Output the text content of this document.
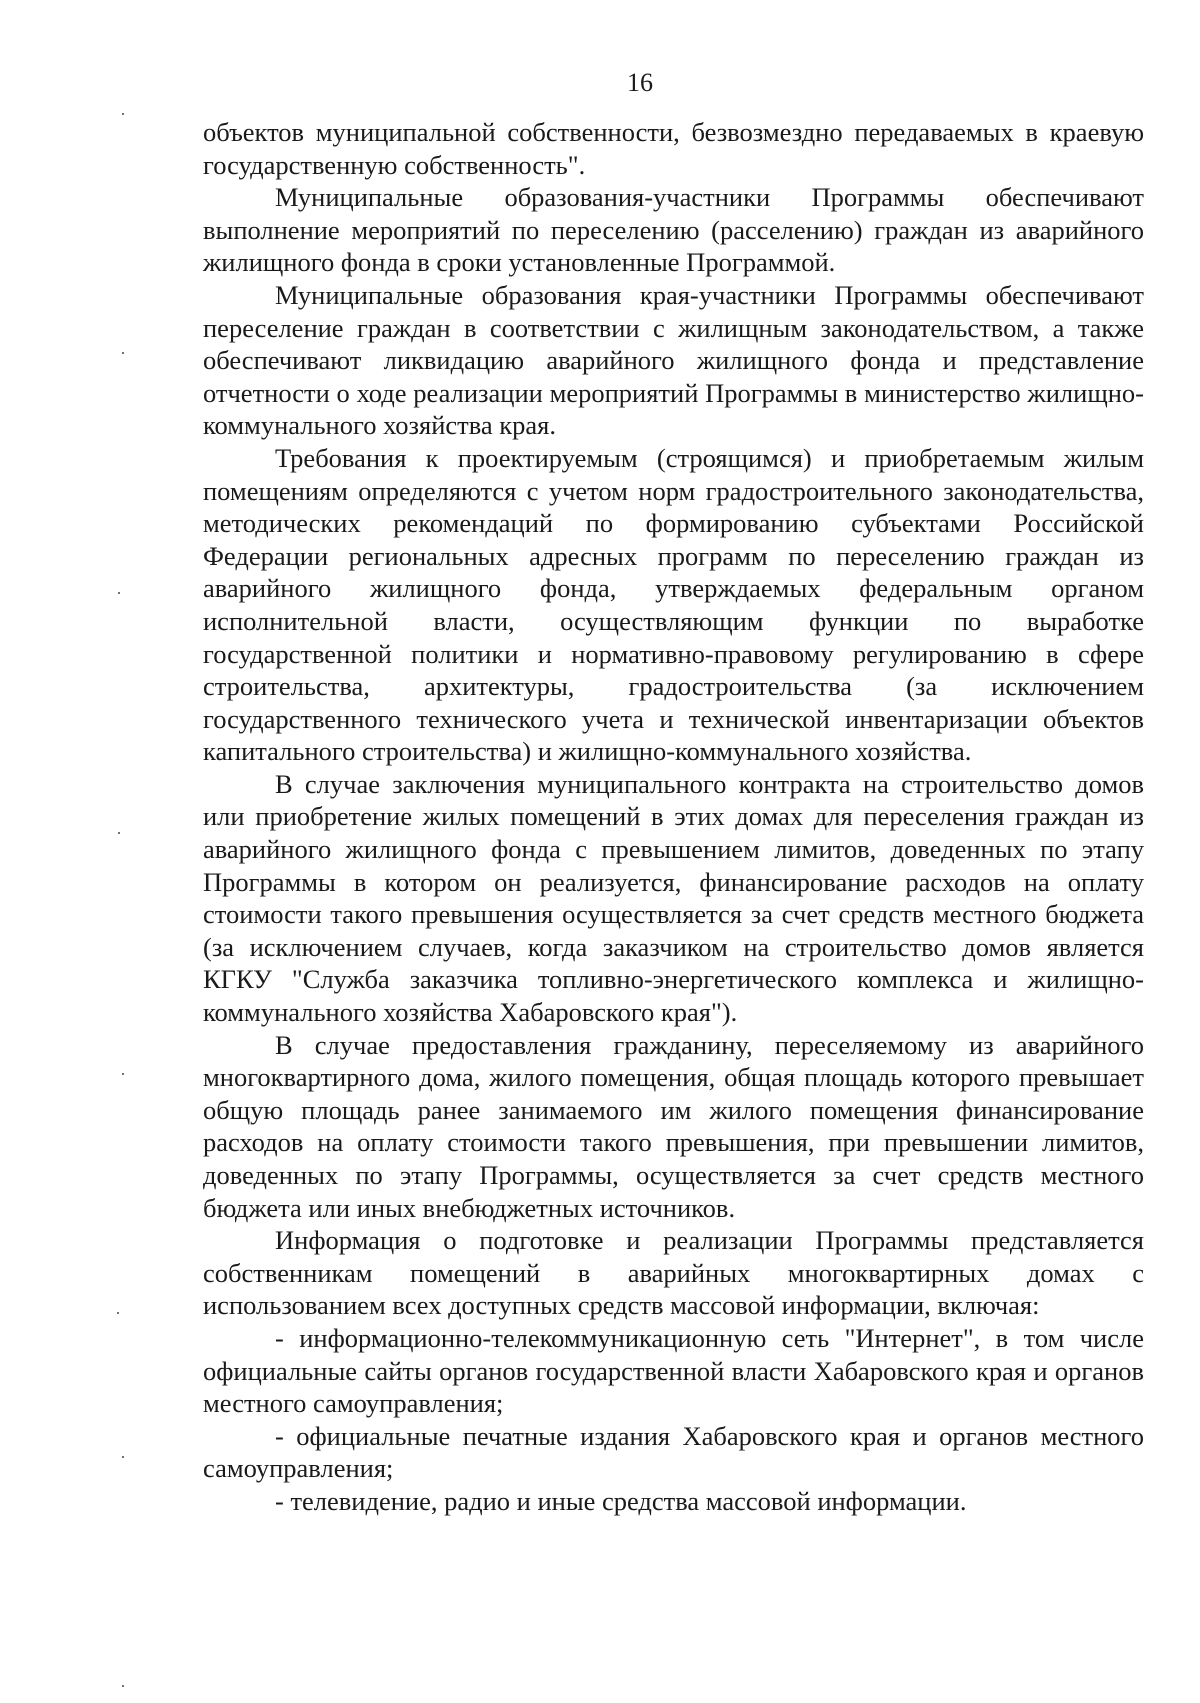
16

объектов муниципальной собственности, безвозмездно передаваемых в краевую государственную собственность".

Муниципальные образования-участники Программы обеспечивают выполнение мероприятий по переселению (расселению) граждан из аварийного жилищного фонда в сроки установленные Программой.

Муниципальные образования края-участники Программы обеспечивают переселение граждан в соответствии с жилищным законодательством, а также обеспечивают ликвидацию аварийного жилищного фонда и представление отчетности о ходе реализации мероприятий Программы в министерство жилищно-коммунального хозяйства края.

Требования к проектируемым (строящимся) и приобретаемым жилым помещениям определяются с учетом норм градостроительного законодательства, методических рекомендаций по формированию субъектами Российской Федерации региональных адресных программ по переселению граждан из аварийного жилищного фонда, утверждаемых федеральным органом исполнительной власти, осуществляющим функции по выработке государственной политики и нормативно-правовому регулированию в сфере строительства, архитектуры, градостроительства (за исключением государственного технического учета и технической инвентаризации объектов капитального строительства) и жилищно-коммунального хозяйства.

В случае заключения муниципального контракта на строительство домов или приобретение жилых помещений в этих домах для переселения граждан из аварийного жилищного фонда с превышением лимитов, доведенных по этапу Программы в котором он реализуется, финансирование расходов на оплату стоимости такого превышения осуществляется за счет средств местного бюджета (за исключением случаев, когда заказчиком на строительство домов является КГКУ "Служба заказчика топливно-энергетического комплекса и жилищно-коммунального хозяйства Хабаровского края").

В случае предоставления гражданину, переселяемому из аварийного многоквартирного дома, жилого помещения, общая площадь которого превышает общую площадь ранее занимаемого им жилого помещения финансирование расходов на оплату стоимости такого превышения, при превышении лимитов, доведенных по этапу Программы, осуществляется за счет средств местного бюджета или иных внебюджетных источников.

Информация о подготовке и реализации Программы представляется собственникам помещений в аварийных многоквартирных домах с использованием всех доступных средств массовой информации, включая:

- информационно-телекоммуникационную сеть "Интернет", в том числе официальные сайты органов государственной власти Хабаровского края и органов местного самоуправления;

- официальные печатные издания Хабаровского края и органов местного самоуправления;

- телевидение, радио и иные средства массовой информации.
